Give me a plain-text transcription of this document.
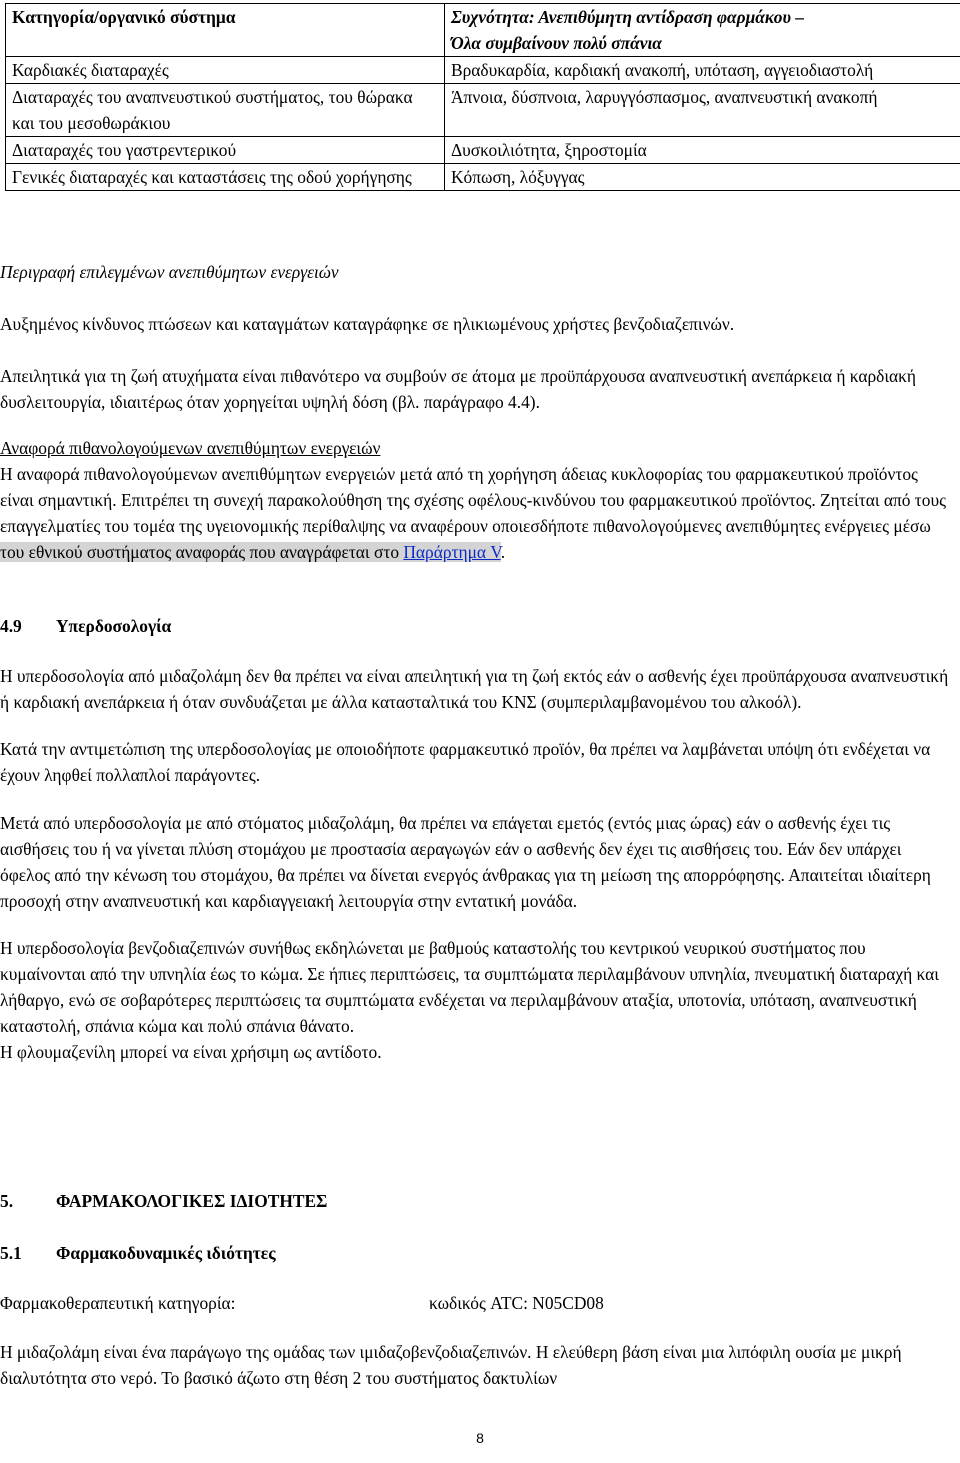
Κατηγορία/οργανικό σύστημα	Συχνότητα: Ανεπιθύμητη αντίδραση φαρμάκου –
Όλα συμβαίνουν πολύ σπάνια

Καρδιακές διαταραχές	Βραδυκαρδία, καρδιακή ανακοπή, υπόταση, αγγειοδιαστολή
Διαταραχές του αναπνευστικού συστήματος, του θώρακα και του μεσοθωράκιου	Άπνοια, δύσπνοια, λαρυγγόσπασμος, αναπνευστική ανακοπή
Διαταραχές του γαστρεντερικού	Δυσκοιλιότητα, ξηροστομία
Γενικές διαταραχές και καταστάσεις της οδού χορήγησης	Κόπωση, λόξυγγας

Περιγραφή επιλεγμένων ανεπιθύμητων ενεργειών

Αυξημένος κίνδυνος πτώσεων και καταγμάτων καταγράφηκε σε ηλικιωμένους χρήστες βενζοδιαζεπινών.

Απειλητικά για τη ζωή ατυχήματα είναι πιθανότερο να συμβούν σε άτομα με προϋπάρχουσα αναπνευστική ανεπάρκεια ή καρδιακή δυσλειτουργία, ιδιαιτέρως όταν χορηγείται υψηλή δόση (βλ. παράγραφο 4.4).

Αναφορά πιθανολογούμενων ανεπιθύμητων ενεργειών

Η αναφορά πιθανολογούμενων ανεπιθύμητων ενεργειών μετά από τη χορήγηση άδειας κυκλοφορίας του φαρμακευτικού προϊόντος είναι σημαντική. Επιτρέπει τη συνεχή παρακολούθηση της σχέσης οφέλους-κινδύνου του φαρμακευτικού προϊόντος. Ζητείται από τους επαγγελματίες του τομέα της υγειονομικής περίθαλψης να αναφέρουν οποιεσδήποτε πιθανολογούμενες ανεπιθύμητες ενέργειες μέσω του εθνικού συστήματος αναφοράς που αναγράφεται στο Παράρτημα V.

4.9 Υπερδοσολογία

Η υπερδοσολογία από μιδαζολάμη δεν θα πρέπει να είναι απειλητική για τη ζωή εκτός εάν ο ασθενής έχει προϋπάρχουσα αναπνευστική ή καρδιακή ανεπάρκεια ή όταν συνδυάζεται με άλλα κατασταλτικά του ΚΝΣ (συμπεριλαμβανομένου του αλκοόλ).

Κατά την αντιμετώπιση της υπερδοσολογίας με οποιοδήποτε φαρμακευτικό προϊόν, θα πρέπει να λαμβάνεται υπόψη ότι ενδέχεται να έχουν ληφθεί πολλαπλοί παράγοντες.

Μετά από υπερδοσολογία με από στόματος μιδαζολάμη, θα πρέπει να επάγεται εμετός (εντός μιας ώρας) εάν ο ασθενής έχει τις αισθήσεις του ή να γίνεται πλύση στομάχου με προστασία αεραγωγών εάν ο ασθενής δεν έχει τις αισθήσεις του. Εάν δεν υπάρχει όφελος από την κένωση του στομάχου, θα πρέπει να δίνεται ενεργός άνθρακας για τη μείωση της απορρόφησης. Απαιτείται ιδιαίτερη προσοχή στην αναπνευστική και καρδιαγγειακή λειτουργία στην εντατική μονάδα.

Η υπερδοσολογία βενζοδιαζεπινών συνήθως εκδηλώνεται με βαθμούς καταστολής του κεντρικού νευρικού συστήματος που κυμαίνονται από την υπνηλία έως το κώμα. Σε ήπιες περιπτώσεις, τα συμπτώματα περιλαμβάνουν υπνηλία, πνευματική διαταραχή και λήθαργο, ενώ σε σοβαρότερες περιπτώσεις τα συμπτώματα ενδέχεται να περιλαμβάνουν αταξία, υποτονία, υπόταση, αναπνευστική καταστολή, σπάνια κώμα και πολύ σπάνια θάνατο.

Η φλουμαζενίλη μπορεί να είναι χρήσιμη ως αντίδοτο.

5. ΦΑΡΜΑΚΟΛΟΓΙΚΕΣ ΙΔΙΟΤΗΤΕΣ
5.1 Φαρμακοδυναμικές ιδιότητες
Φαρμακοθεραπευτική κατηγορία:	κωδικός ATC: N05CD08
Η μιδαζολάμη είναι ένα παράγωγο της ομάδας των ιμιδαζοβενζοδιαζεπινών. Η ελεύθερη βάση είναι μια λιπόφιλη ουσία με μικρή διαλυτότητα στο νερό. Το βασικό άζωτο στη θέση 2 του συστήματος δακτυλίων
8
